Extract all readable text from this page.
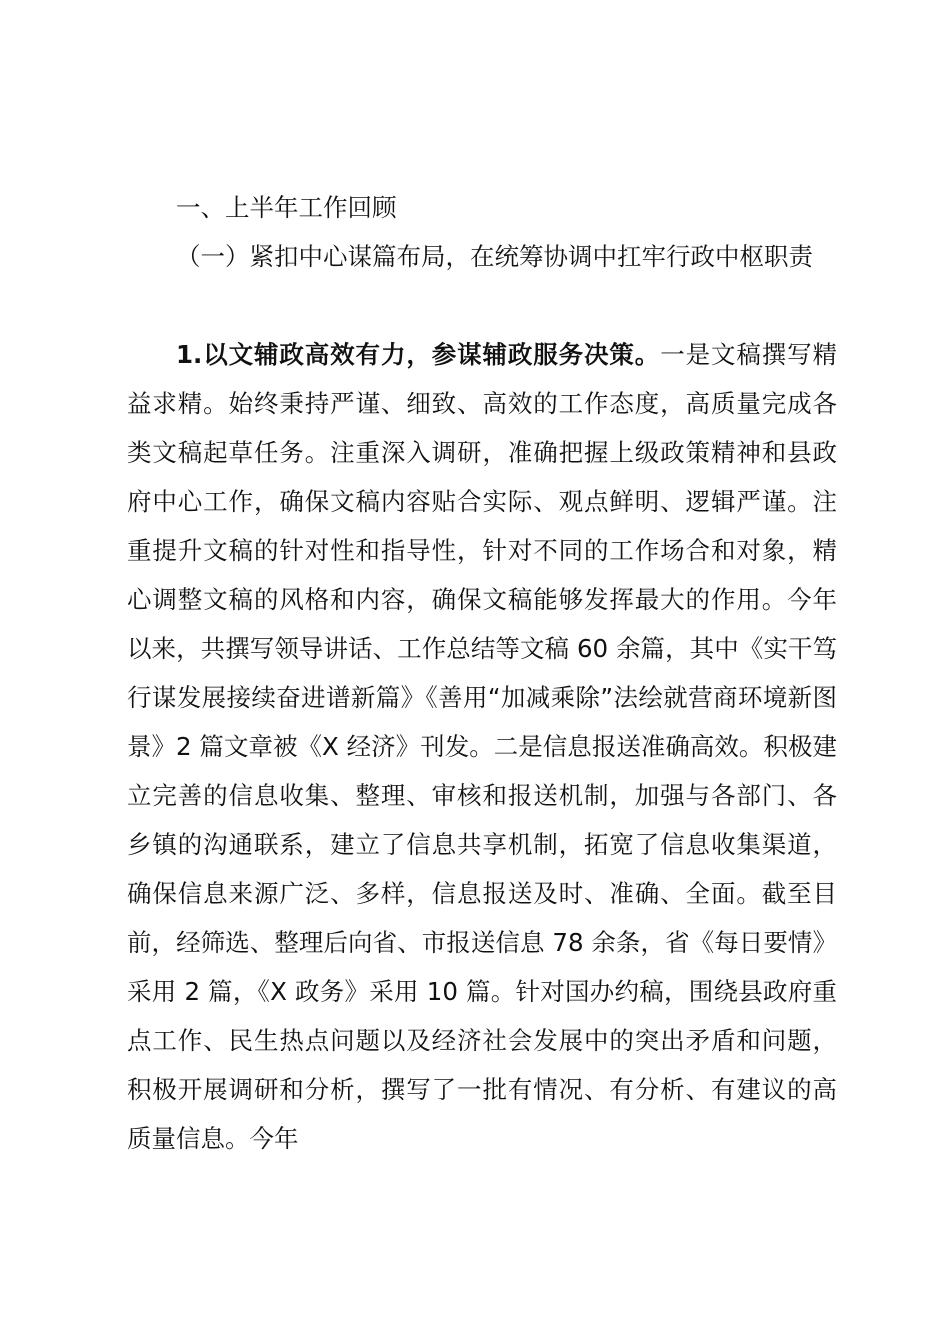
一、上半年工作回顾
（一）紧扣中心谋篇布局，在统筹协调中扛牢行政中枢职责
1.以文辅政高效有力，参谋辅政服务决策。一是文稿撰写精益求精。始终秉持严谨、细致、高效的工作态度，高质量完成各类文稿起草任务。注重深入调研，准确把握上级政策精神和县政府中心工作，确保文稿内容贴合实际、观点鲜明、逻辑严谨。注重提升文稿的针对性和指导性，针对不同的工作场合和对象，精心调整文稿的风格和内容，确保文稿能够发挥最大的作用。今年以来，共撰写领导讲话、工作总结等文稿 60 余篇，其中《实干笃行谋发展接续奋进谱新篇》《善用“加减乘除”法绘就营商环境新图景》2 篇文章被《X 经济》刊发。二是信息报送准确高效。积极建立完善的信息收集、整理、审核和报送机制，加强与各部门、各乡镇的沟通联系，建立了信息共享机制，拓宽了信息收集渠道，确保信息来源广泛、多样，信息报送及时、准确、全面。截至目前，经筛选、整理后向省、市报送信息 78 余条，省《每日要情》采用 2 篇，《X 政务》采用 10 篇。针对国办约稿，围绕县政府重点工作、民生热点问题以及经济社会发展中的突出矛盾和问题，积极开展调研和分析，撰写了一批有情况、有分析、有建议的高质量信息。今年
